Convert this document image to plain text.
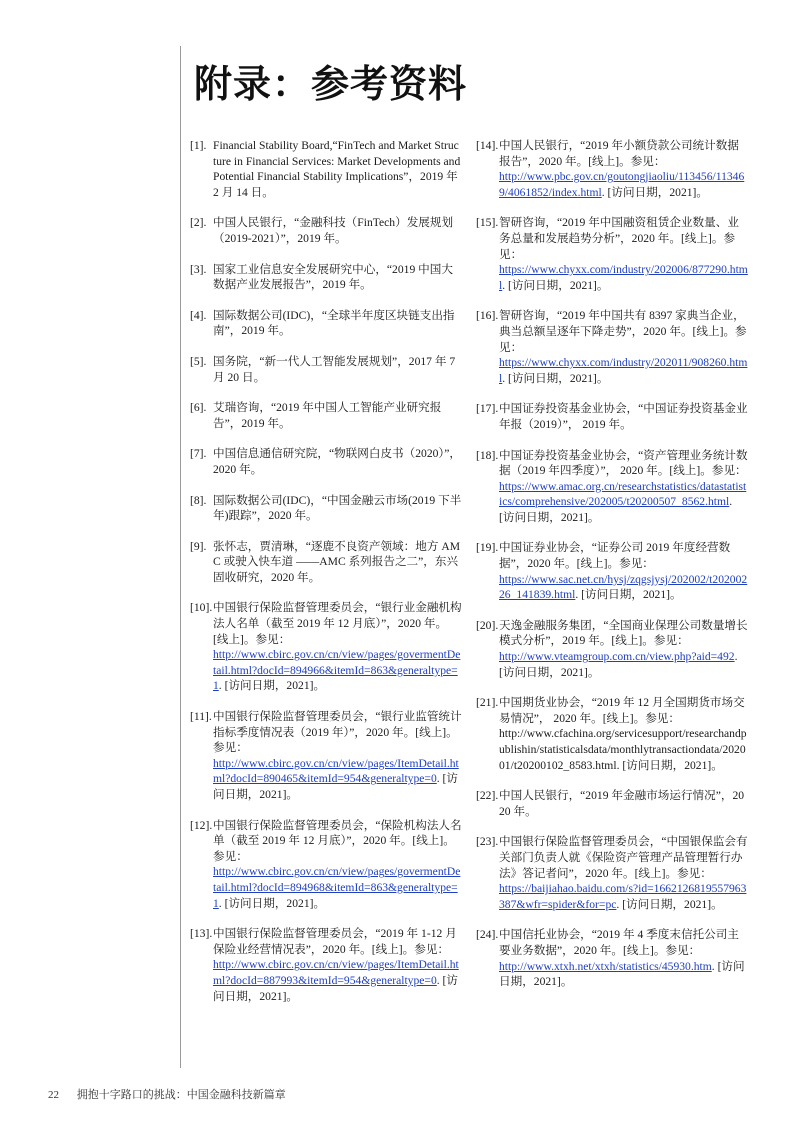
附录：参考资料
[1]. Financial Stability Board,“FinTech and Market Structure in Financial Services: Market Developments and Potential Financial Stability Implications”，2019 年 2 月 14 日。
[2]. 中国人民银行，“金融科技（FinTech）发展规划（2019-2021）”，2019 年。
[3]. 国家工业信息安全发展研究中心，“2019 中国大数据产业发展报告”，2019 年。
[4]. 国际数据公司(IDC)，“全球半年度区块链支出指南”，2019 年。
[5]. 国务院，“新一代人工智能发展规划”，2017 年 7 月 20 日。
[6]. 艾瑞咨询，“2019 年中国人工智能产业研究报告”，2019 年。
[7]. 中国信息通信研究院，“物联网白皮书（2020）”，2020 年。
[8]. 国际数据公司(IDC)，“中国金融云市场(2019 下半年)跟踪”，2020 年。
[9]. 张怀志，贾清琳，“逐鹿不良资产领域：地方 AMC 或驶入快车道 ——AMC 系列报告之二”，东兴固收研究，2020 年。
[10]. 中国银行保险监督管理委员会，“银行业金融机构法人名单（截至 2019 年 12 月底）”，2020 年。[线上]。参见：
http://www.cbirc.gov.cn/cn/view/pages/govermentDetail.html?docId=894966&itemId=863&generaltype=1. [访问日期，2021]。
[11]. 中国银行保险监督管理委员会，“银行业监管统计指标季度情况表（2019 年）”，2020 年。[线上]。参见：
http://www.cbirc.gov.cn/cn/view/pages/ItemDetail.html?docId=890465&itemId=954&generaltype=0. [访问日期，2021]。
[12]. 中国银行保险监督管理委员会，“保险机构法人名单（截至 2019 年 12 月底）”，2020 年。[线上]。参见：
http://www.cbirc.gov.cn/cn/view/pages/govermentDetail.html?docId=894968&itemId=863&generaltype=1. [访问日期，2021]。
[13]. 中国银行保险监督管理委员会，“2019 年 1-12 月保险业经营情况表”，2020 年。[线上]。参见：
http://www.cbirc.gov.cn/cn/view/pages/ItemDetail.html?docId=887993&itemId=954&generaltype=0. [访问日期，2021]。
[14]. 中国人民银行，“2019 年小额贷款公司统计数据报告”，2020 年。[线上]。参见：
http://www.pbc.gov.cn/goutongjiaoliu/113456/113469/4061852/index.html. [访问日期，2021]。
[15]. 智研咨询，“2019 年中国融资租赁企业数量、业务总量和发展趋势分析”，2020 年。[线上]。参见：
https://www.chyxx.com/industry/202006/877290.html. [访问日期，2021]。
[16]. 智研咨询，“2019 年中国共有 8397 家典当企业，典当总额呈逐年下降走势”，2020 年。[线上]。参见：
https://www.chyxx.com/industry/202011/908260.html. [访问日期，2021]。
[17]. 中国证券投资基金业协会，“中国证券投资基金业年报（2019）”， 2019 年。
[18]. 中国证券投资基金业协会，“资产管理业务统计数据（2019 年四季度）”， 2020 年。[线上]。参见：
https://www.amac.org.cn/researchstatistics/datastatistics/comprehensive/202005/t20200507_8562.html. [访问日期，2021]。
[19]. 中国证券业协会，“证券公司 2019 年度经营数据”，2020 年。[线上]。参见：
https://www.sac.net.cn/hysj/zqgsjysj/202002/t20200226_141839.html. [访问日期，2021]。
[20]. 天逸金融服务集团，“全国商业保理公司数量增长模式分析”，2019 年。[线上]。参见：
http://www.vteamgroup.com.cn/view.php?aid=492. [访问日期，2021]。
[21]. 中国期货业协会，“2019 年 12 月全国期货市场交易情况”， 2020 年。[线上]。参见：
http://www.cfachina.org/servicesupport/researchandpublishin/statisticalsdata/monthlytransactiondata/202001/t20200102_8583.html. [访问日期，2021]。
[22]. 中国人民银行，“2019 年金融市场运行情况”，2020 年。
[23]. 中国银行保险监督管理委员会，“中国银保监会有关部门负责人就《保险资产管理产品管理暂行办法》答记者问”，2020 年。[线上]。参见：
https://baijiahao.baidu.com/s?id=1662126819557963387&wfr=spider&for=pc. [访问日期，2021]。
[24]. 中国信托业协会，“2019 年 4 季度末信托公司主要业务数据”，2020 年。[线上]。参见：
http://www.xtxh.net/xtxh/statistics/45930.htm. [访问日期，2021]。
22 拥抱十字路口的挑战：中国金融科技新篇章
